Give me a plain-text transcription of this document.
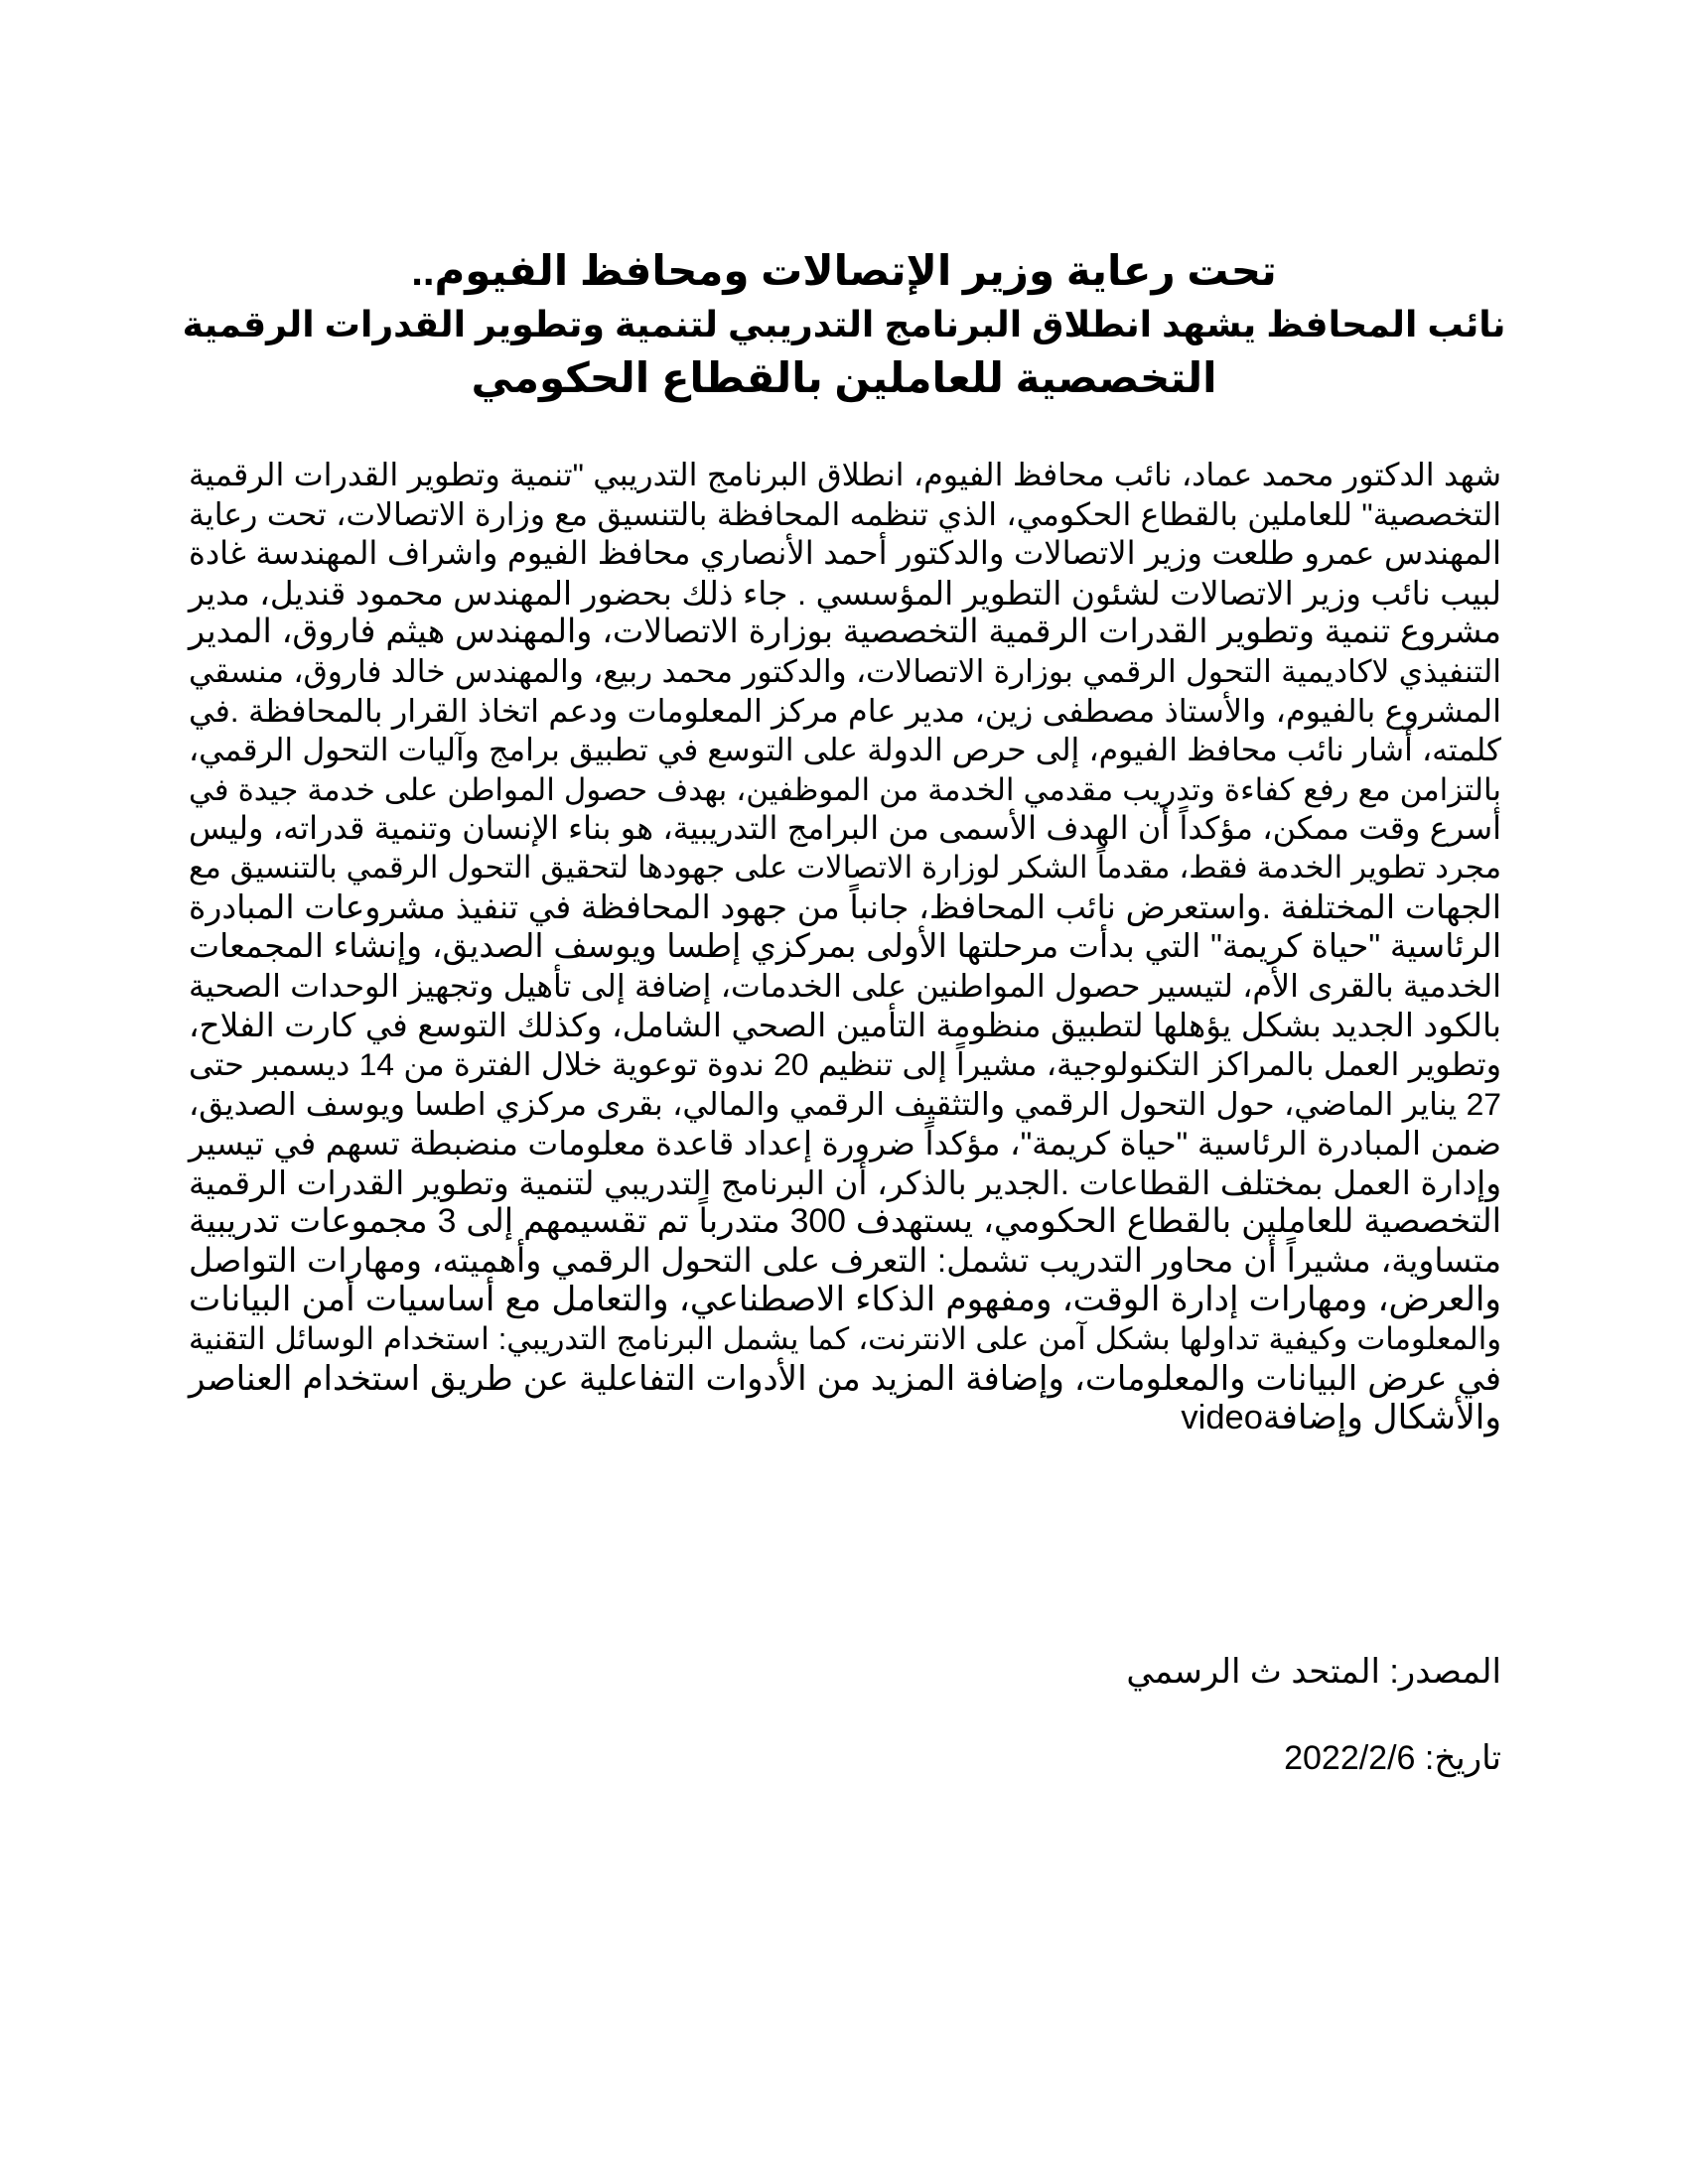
تحت رعاية وزير الإتصالات ومحافظ الفيوم..
نائب المحافظ يشهد انطلاق البرنامج التدريبي لتنمية وتطوير القدرات الرقمية
التخصصية للعاملين بالقطاع الحكومي
شهد الدكتور محمد عماد، نائب محافظ الفيوم، انطلاق البرنامج التدريبي "تنمية وتطوير القدرات الرقمية
التخصصية" للعاملين بالقطاع الحكومي، الذي تنظمه المحافظة بالتنسيق مع وزارة الاتصالات، تحت رعاية
المهندس عمرو طلعت وزير الاتصالات والدكتور أحمد الأنصاري محافظ الفيوم واشراف المهندسة غادة
لبيب نائب وزير الاتصالات لشئون التطوير المؤسسي . جاء ذلك بحضور المهندس محمود قنديل، مدير
مشروع تنمية وتطوير القدرات الرقمية التخصصية بوزارة الاتصالات، والمهندس هيثم فاروق، المدير
التنفيذي لاكاديمية التحول الرقمي بوزارة الاتصالات، والدكتور محمد ربيع، والمهندس خالد فاروق، منسقي
المشروع بالفيوم، والأستاذ مصطفى زين، مدير عام مركز المعلومات ودعم اتخاذ القرار بالمحافظة .في
كلمته، أشار نائب محافظ الفيوم، إلى حرص الدولة على التوسع في تطبيق برامج وآليات التحول الرقمي،
بالتزامن مع رفع كفاءة وتدريب مقدمي الخدمة من الموظفين، بهدف حصول المواطن على خدمة جيدة في
أسرع وقت ممكن، مؤكداً أن الهدف الأسمى من البرامج التدريبية، هو بناء الإنسان وتنمية قدراته، وليس
مجرد تطوير الخدمة فقط، مقدماً الشكر لوزارة الاتصالات على جهودها لتحقيق التحول الرقمي بالتنسيق مع
الجهات المختلفة .واستعرض نائب المحافظ، جانباً من جهود المحافظة في تنفيذ مشروعات المبادرة
الرئاسية "حياة كريمة" التي بدأت مرحلتها الأولى بمركزي إطسا ويوسف الصديق، وإنشاء المجمعات
الخدمية بالقرى الأم، لتيسير حصول المواطنين على الخدمات، إضافة إلى تأهيل وتجهيز الوحدات الصحية
بالكود الجديد بشكل يؤهلها لتطبيق منظومة التأمين الصحي الشامل، وكذلك التوسع في كارت الفلاح،
وتطوير العمل بالمراكز التكنولوجية، مشيراً إلى تنظيم 20 ندوة توعوية خلال الفترة من 14 ديسمبر حتى
27 يناير الماضي، حول التحول الرقمي والتثقيف الرقمي والمالي، بقرى مركزي اطسا ويوسف الصديق،
ضمن المبادرة الرئاسية "حياة كريمة"، مؤكداً ضرورة إعداد قاعدة معلومات منضبطة تسهم في تيسير
وإدارة العمل بمختلف القطاعات .الجدير بالذكر، أن البرنامج التدريبي لتنمية وتطوير القدرات الرقمية
التخصصية للعاملين بالقطاع الحكومي، يستهدف 300 متدرباً تم تقسيمهم إلى 3 مجموعات تدريبية
متساوية، مشيراً أن محاور التدريب تشمل: التعرف على التحول الرقمي وأهميته، ومهارات التواصل
والعرض، ومهارات إدارة الوقت، ومفهوم الذكاء الاصطناعي، والتعامل مع أساسيات أمن البيانات
والمعلومات وكيفية تداولها بشكل آمن على الانترنت، كما يشمل البرنامج التدريبي: استخدام الوسائل التقنية
في عرض البيانات والمعلومات، وإضافة المزيد من الأدوات التفاعلية عن طريق استخدام العناصر
والأشكال وإضافةvideo
المصدر: المتحد ث الرسمي
تاريخ: 2022/2/6
